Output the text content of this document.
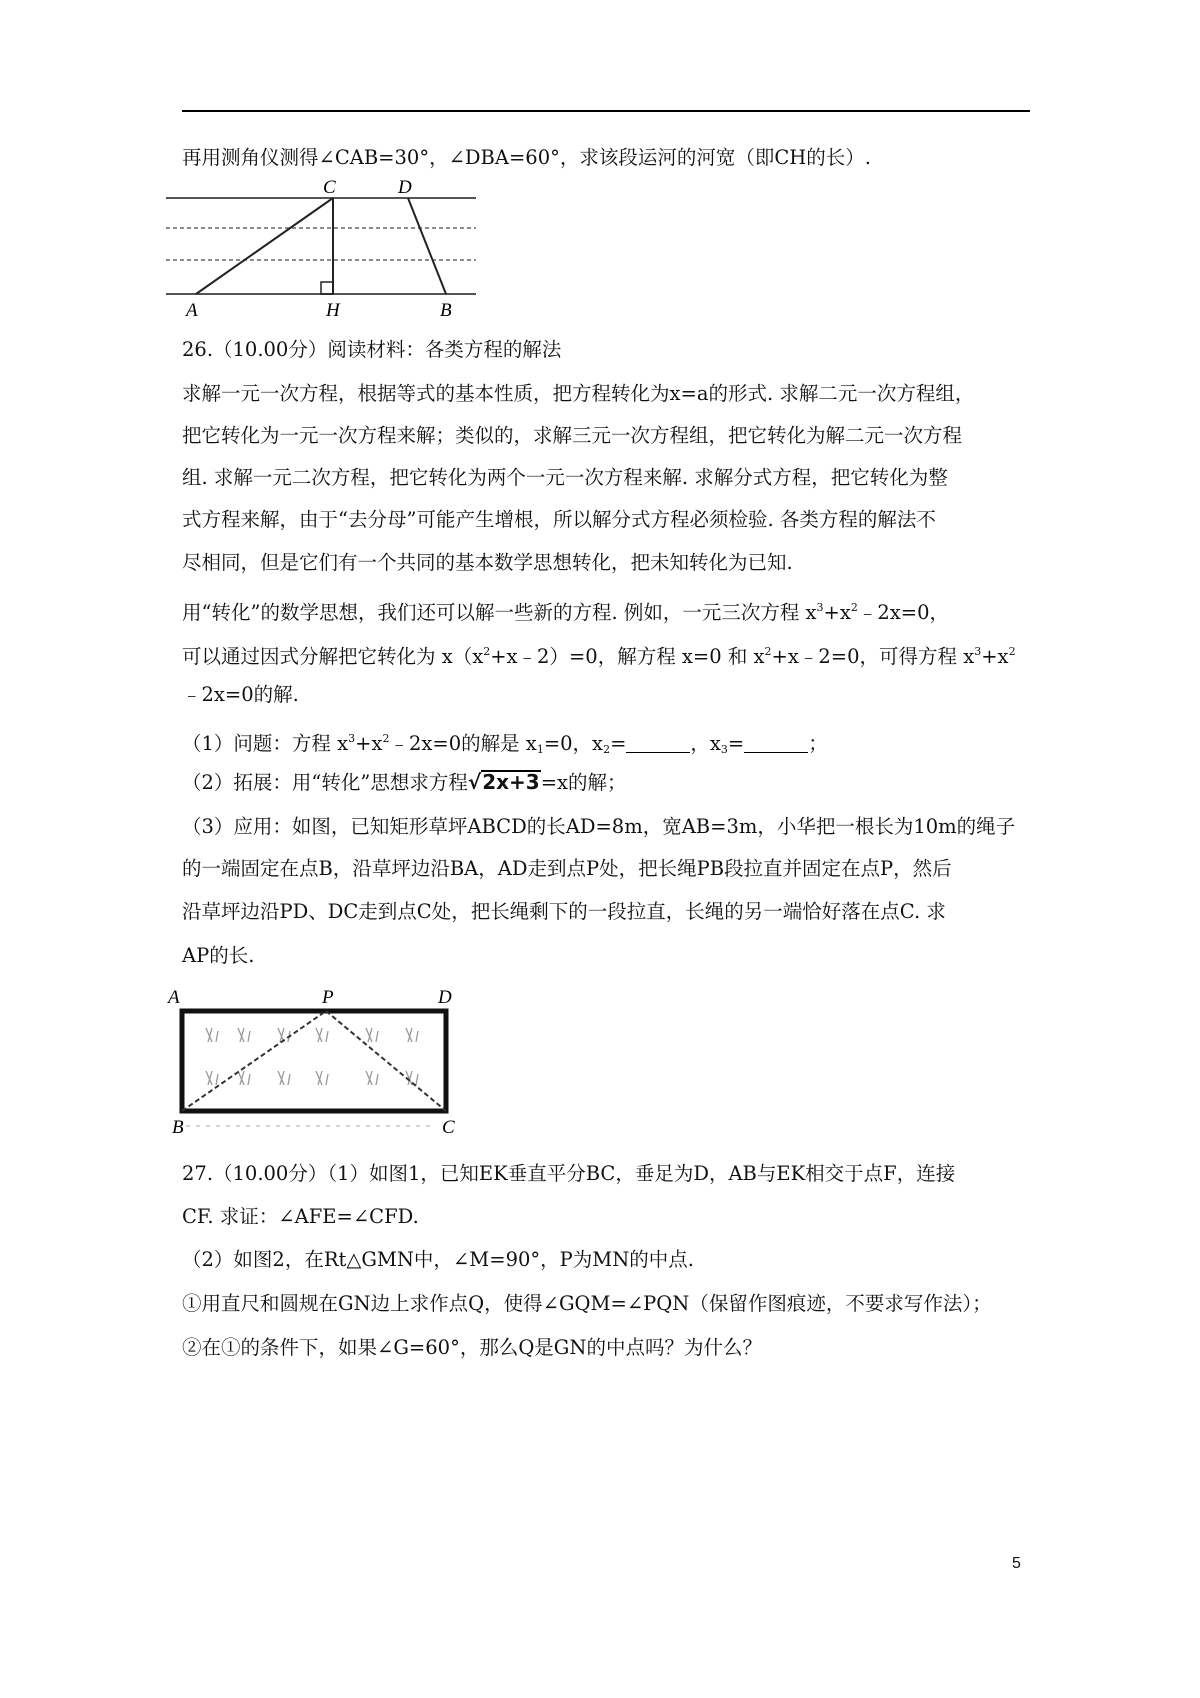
再用测角仪测得∠CAB=30°，∠DBA=60°，求该段运河的河宽（即CH的长）.
C	D
A	H	B
26.（10.00分）阅读材料：各类方程的解法
求解一元一次方程，根据等式的基本性质，把方程转化为x=a的形式. 求解二元一次方程组，
把它转化为一元一次方程来解；类似的，求解三元一次方程组，把它转化为解二元一次方程
组. 求解一元二次方程，把它转化为两个一元一次方程来解. 求解分式方程，把它转化为整
式方程来解，由于“去分母”可能产生增根，所以解分式方程必须检验. 各类方程的解法不
尽相同，但是它们有一个共同的基本数学思想转化，把未知转化为已知.
用“转化”的数学思想，我们还可以解一些新的方程. 例如，一元三次方程 $x^3+x^2﹣2x=0$，
可以通过因式分解把它转化为 $x(x^2+x﹣2)=0$，解方程 x=0 和 $x^2+x﹣2=0$，可得方程 $x^3+x^2$
﹣2x=0的解.
（1）问题：方程 $x^3+x^2﹣2x=0$的解是 $x_1=0$，$x_2=$	，$x_3=$	；
（2）拓展：用“转化”思想求方程√2x+3=x的解；
（3）应用：如图，已知矩形草坪ABCD的长AD=8m，宽AB=3m，小华把一根长为10m的绳子
的一端固定在点B，沿草坪边沿BA，AD走到点P处，把长绳PB段拉直并固定在点P，然后
沿草坪边沿PD、DC走到点C处，把长绳剩下的一段拉直，长绳的另一端恰好落在点C. 求
AP的长.
A	P	D
B	C
27.（10.00分）（1）如图1，已知EK垂直平分BC，垂足为D，AB与EK相交于点F，连接
CF. 求证：∠AFE=∠CFD.
（2）如图2，在Rt△GMN中，∠M=90°，P为MN的中点.
①用直尺和圆规在GN边上求作点Q，使得∠GQM=∠PQN（保留作图痕迹，不要求写作法）；
②在①的条件下，如果∠G=60°，那么Q是GN的中点吗？为什么？
5
